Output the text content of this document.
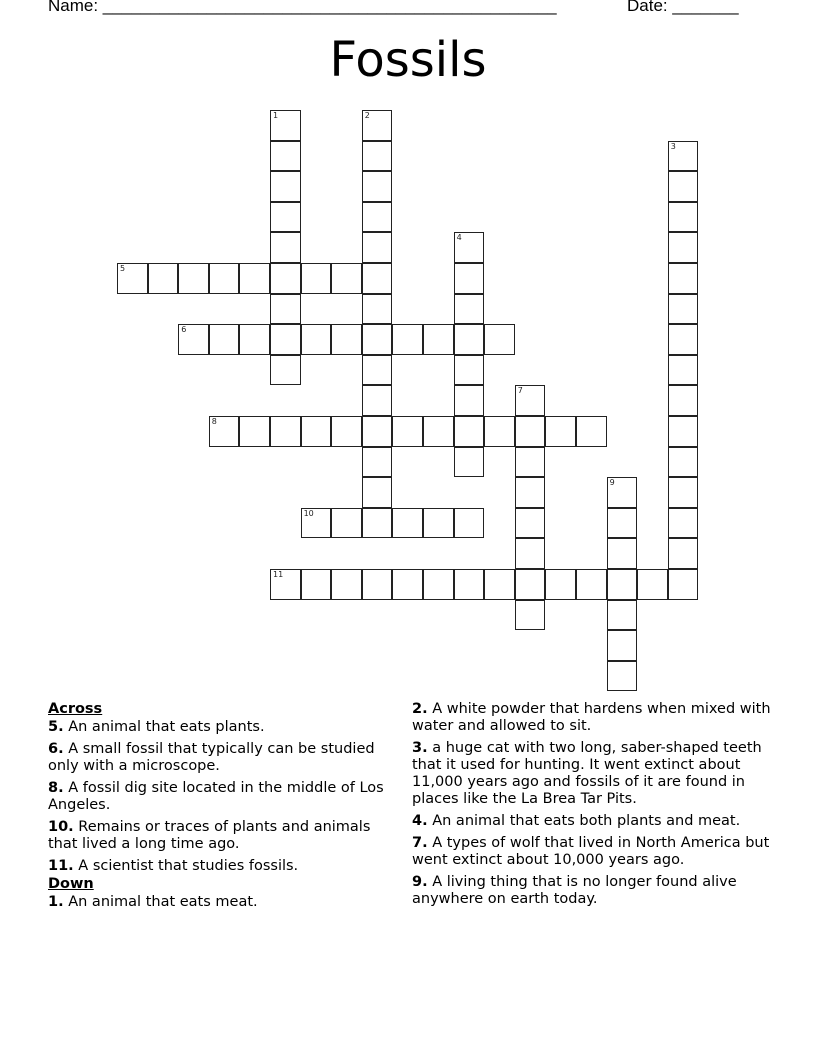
Name: ________________________________________________	Date: _______
Fossils
1	2
3
4
5
6
7
8
9
10
11
Across
5. An animal that eats plants.
6. A small fossil that typically can be studied only with a microscope.
8. A fossil dig site located in the middle of Los Angeles.
10. Remains or traces of plants and animals that lived a long time ago.
11. A scientist that studies fossils.
Down
1. An animal that eats meat.
2. A white powder that hardens when mixed with water and allowed to sit.
3. a huge cat with two long, saber-shaped teeth that it used for hunting. It went extinct about 11,000 years ago and fossils of it are found in places like the La Brea Tar Pits.
4. An animal that eats both plants and meat.
7. A types of wolf that lived in North America but went extinct about 10,000 years ago.
9. A living thing that is no longer found alive anywhere on earth today.
